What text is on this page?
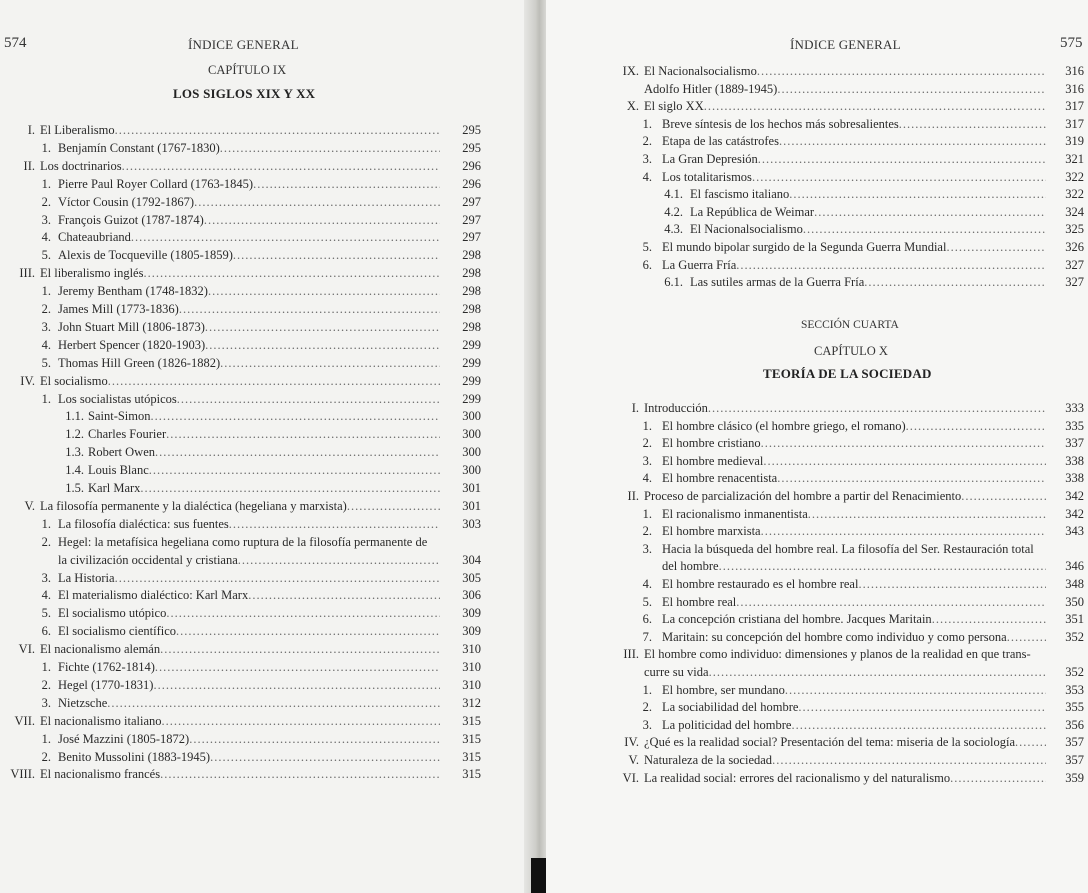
574	ÍNDICE GENERAL
CAPÍTULO IX
LOS SIGLOS XIX Y XX
I. El Liberalismo .....	295
1. Benjamín Constant (1767-1830) .....	295
II. Los doctrinarios .....	296
1. Pierre Paul Royer Collard (1763-1845) .....	296
2. Víctor Cousin (1792-1867) .....	297
3. François Guizot (1787-1874) .....	297
4. Chateaubriand .....	297
5. Alexis de Tocqueville (1805-1859) .....	298
III. El liberalismo inglés .....	298
1. Jeremy Bentham (1748-1832) .....	298
2. James Mill (1773-1836) .....	298
3. John Stuart Mill (1806-1873) .....	298
4. Herbert Spencer (1820-1903) .....	299
5. Thomas Hill Green (1826-1882) .....	299
IV. El socialismo .....	299
1. Los socialistas utópicos .....	299
1.1. Saint-Simon .....	300
1.2. Charles Fourier .....	300
1.3. Robert Owen .....	300
1.4. Louis Blanc .....	300
1.5. Karl Marx .....	301
V. La filosofía permanente y la dialéctica (hegeliana y marxista) .....	301
1. La filosofía dialéctica: sus fuentes .....	303
2. Hegel: la metafísica hegeliana como ruptura de la filosofía permanente de
la civilización occidental y cristiana .....	304
3. La Historia .....	305
4. El materialismo dialéctico: Karl Marx .....	306
5. El socialismo utópico .....	309
6. El socialismo científico .....	309
VI. El nacionalismo alemán .....	310
1. Fichte (1762-1814) .....	310
2. Hegel (1770-1831) .....	310
3. Nietzsche .....	312
VII. El nacionalismo italiano .....	315
1. José Mazzini (1805-1872) .....	315
2. Benito Mussolini (1883-1945) .....	315
VIII. El nacionalismo francés .....	315
ÍNDICE GENERAL	575
IX. El Nacionalsocialismo .....	316
Adolfo Hitler (1889-1945) .....	316
X. El siglo XX .....	317
1. Breve síntesis de los hechos más sobresalientes .....	317
2. Etapa de las catástrofes .....	319
3. La Gran Depresión .....	321
4. Los totalitarismos .....	322
4.1. El fascismo italiano .....	322
4.2. La República de Weimar .....	324
4.3. El Nacionalsocialismo .....	325
5. El mundo bipolar surgido de la Segunda Guerra Mundial .....	326
6. La Guerra Fría .....	327
6.1. Las sutiles armas de la Guerra Fría .....	327
SECCIÓN CUARTA
CAPÍTULO X
TEORÍA DE LA SOCIEDAD
I. Introducción .....	333
1. El hombre clásico (el hombre griego, el romano) .....	335
2. El hombre cristiano .....	337
3. El hombre medieval .....	338
4. El hombre renacentista .....	338
II. Proceso de parcialización del hombre a partir del Renacimiento .....	342
1. El racionalismo inmanentista .....	342
2. El hombre marxista .....	343
3. Hacia la búsqueda del hombre real. La filosofía del Ser. Restauración total
del hombre .....	346
4. El hombre restaurado es el hombre real .....	348
5. El hombre real .....	350
6. La concepción cristiana del hombre. Jacques Maritain .....	351
7. Maritain: su concepción del hombre como individuo y como persona .....	352
III. El hombre como individuo: dimensiones y planos de la realidad en que trans-
curre su vida .....	352
1. El hombre, ser mundano .....	353
2. La sociabilidad del hombre .....	355
3. La politicidad del hombre .....	356
IV. ¿Qué es la realidad social? Presentación del tema: miseria de la sociología .....	357
V. Naturaleza de la sociedad .....	357
VI. La realidad social: errores del racionalismo y del naturalismo .....	359
